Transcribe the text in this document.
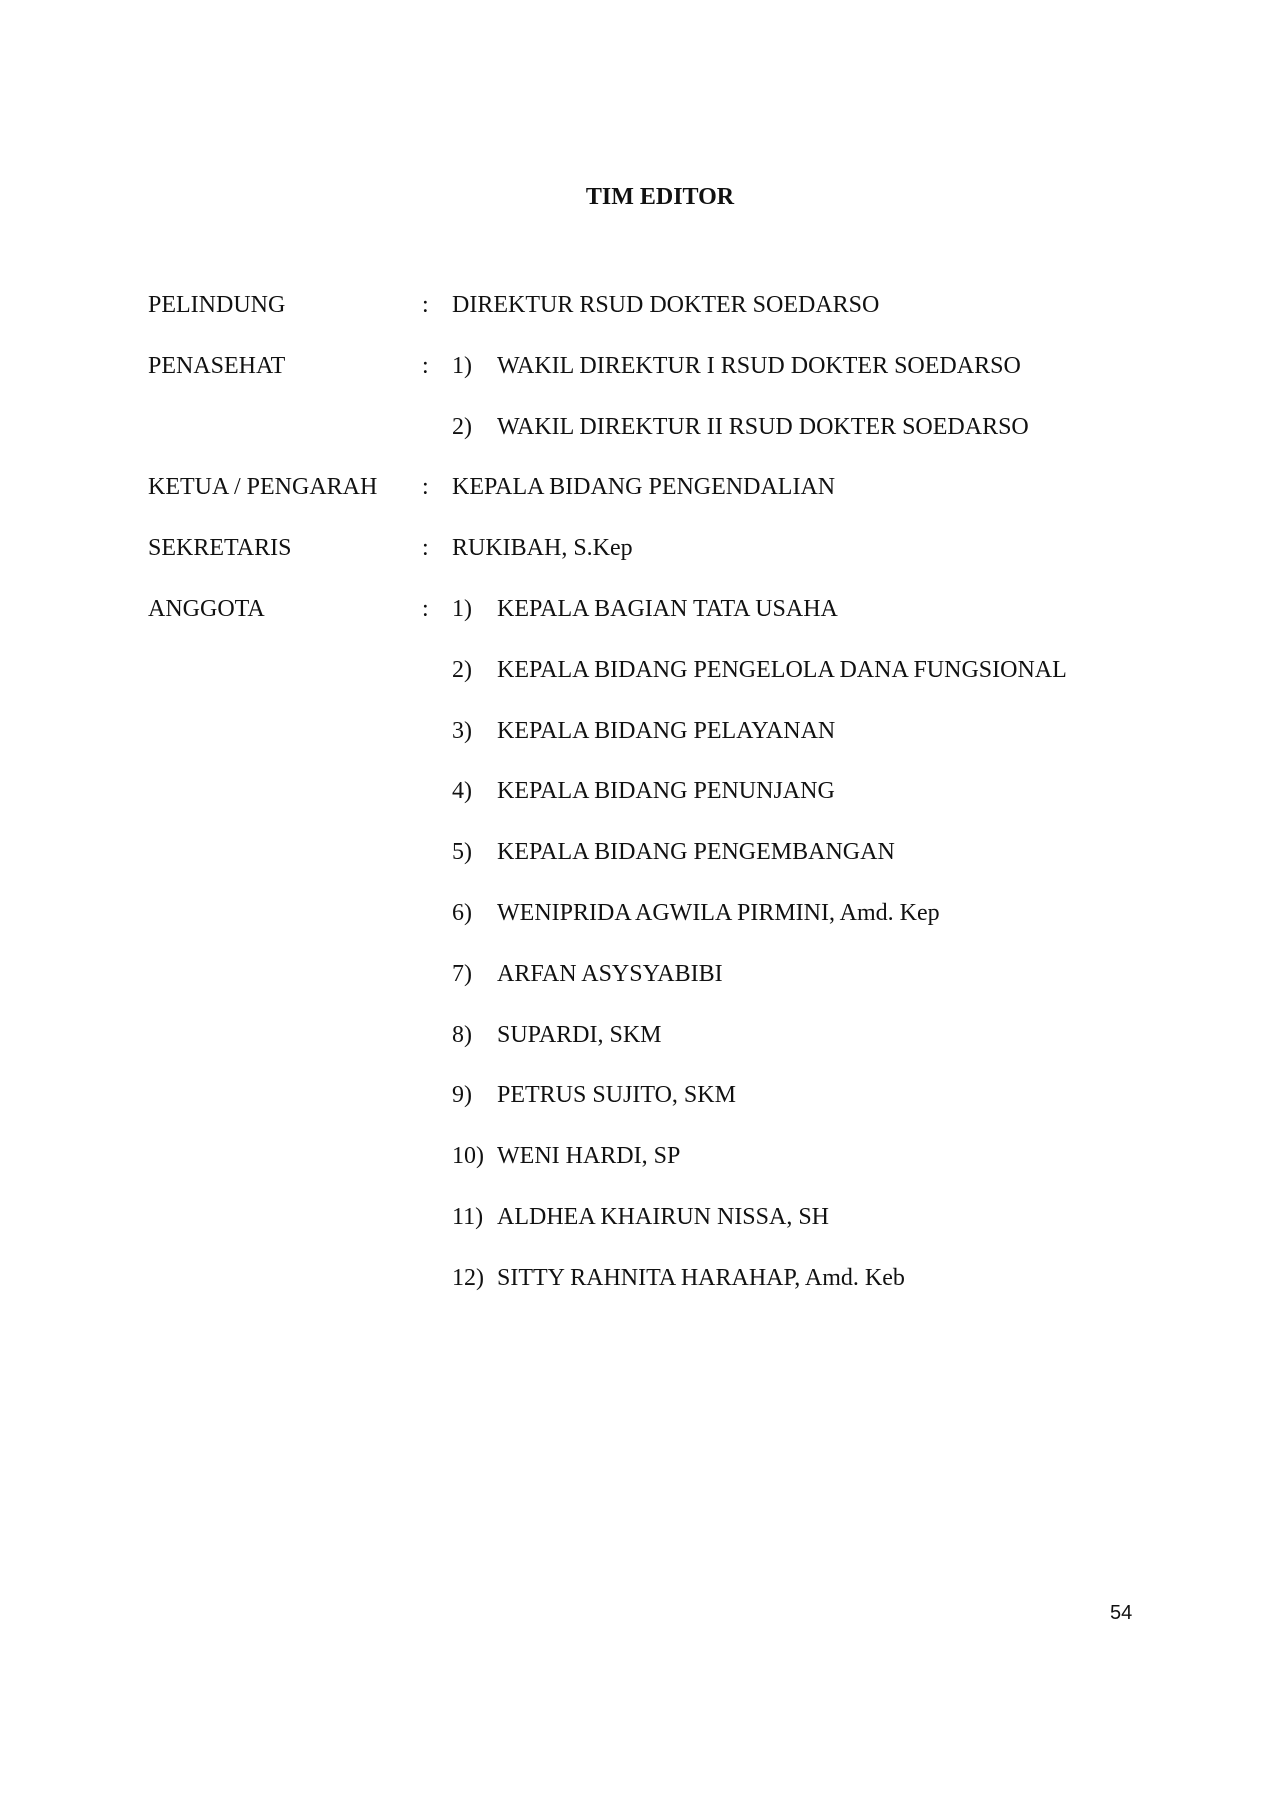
TIM EDITOR
PELINDUNG	: DIREKTUR RSUD DOKTER SOEDARSO
PENASEHAT	: 1) WAKIL DIREKTUR I RSUD DOKTER SOEDARSO
2) WAKIL DIREKTUR II RSUD DOKTER SOEDARSO
KETUA / PENGARAH : KEPALA BIDANG PENGENDALIAN
SEKRETARIS	: RUKIBAH, S.Kep
ANGGOTA	: 1) KEPALA BAGIAN TATA USAHA
2) KEPALA BIDANG PENGELOLA DANA FUNGSIONAL
3) KEPALA BIDANG PELAYANAN
4) KEPALA BIDANG PENUNJANG
5) KEPALA BIDANG PENGEMBANGAN
6) WENIPRIDA AGWILA PIRMINI, Amd. Kep
7) ARFAN ASYSYABIBI
8) SUPARDI, SKM
9) PETRUS SUJITO, SKM
10) WENI HARDI, SP
11) ALDHEA KHAIRUN NISSA, SH
12) SITTY RAHNITA HARAHAP, Amd. Keb
54
